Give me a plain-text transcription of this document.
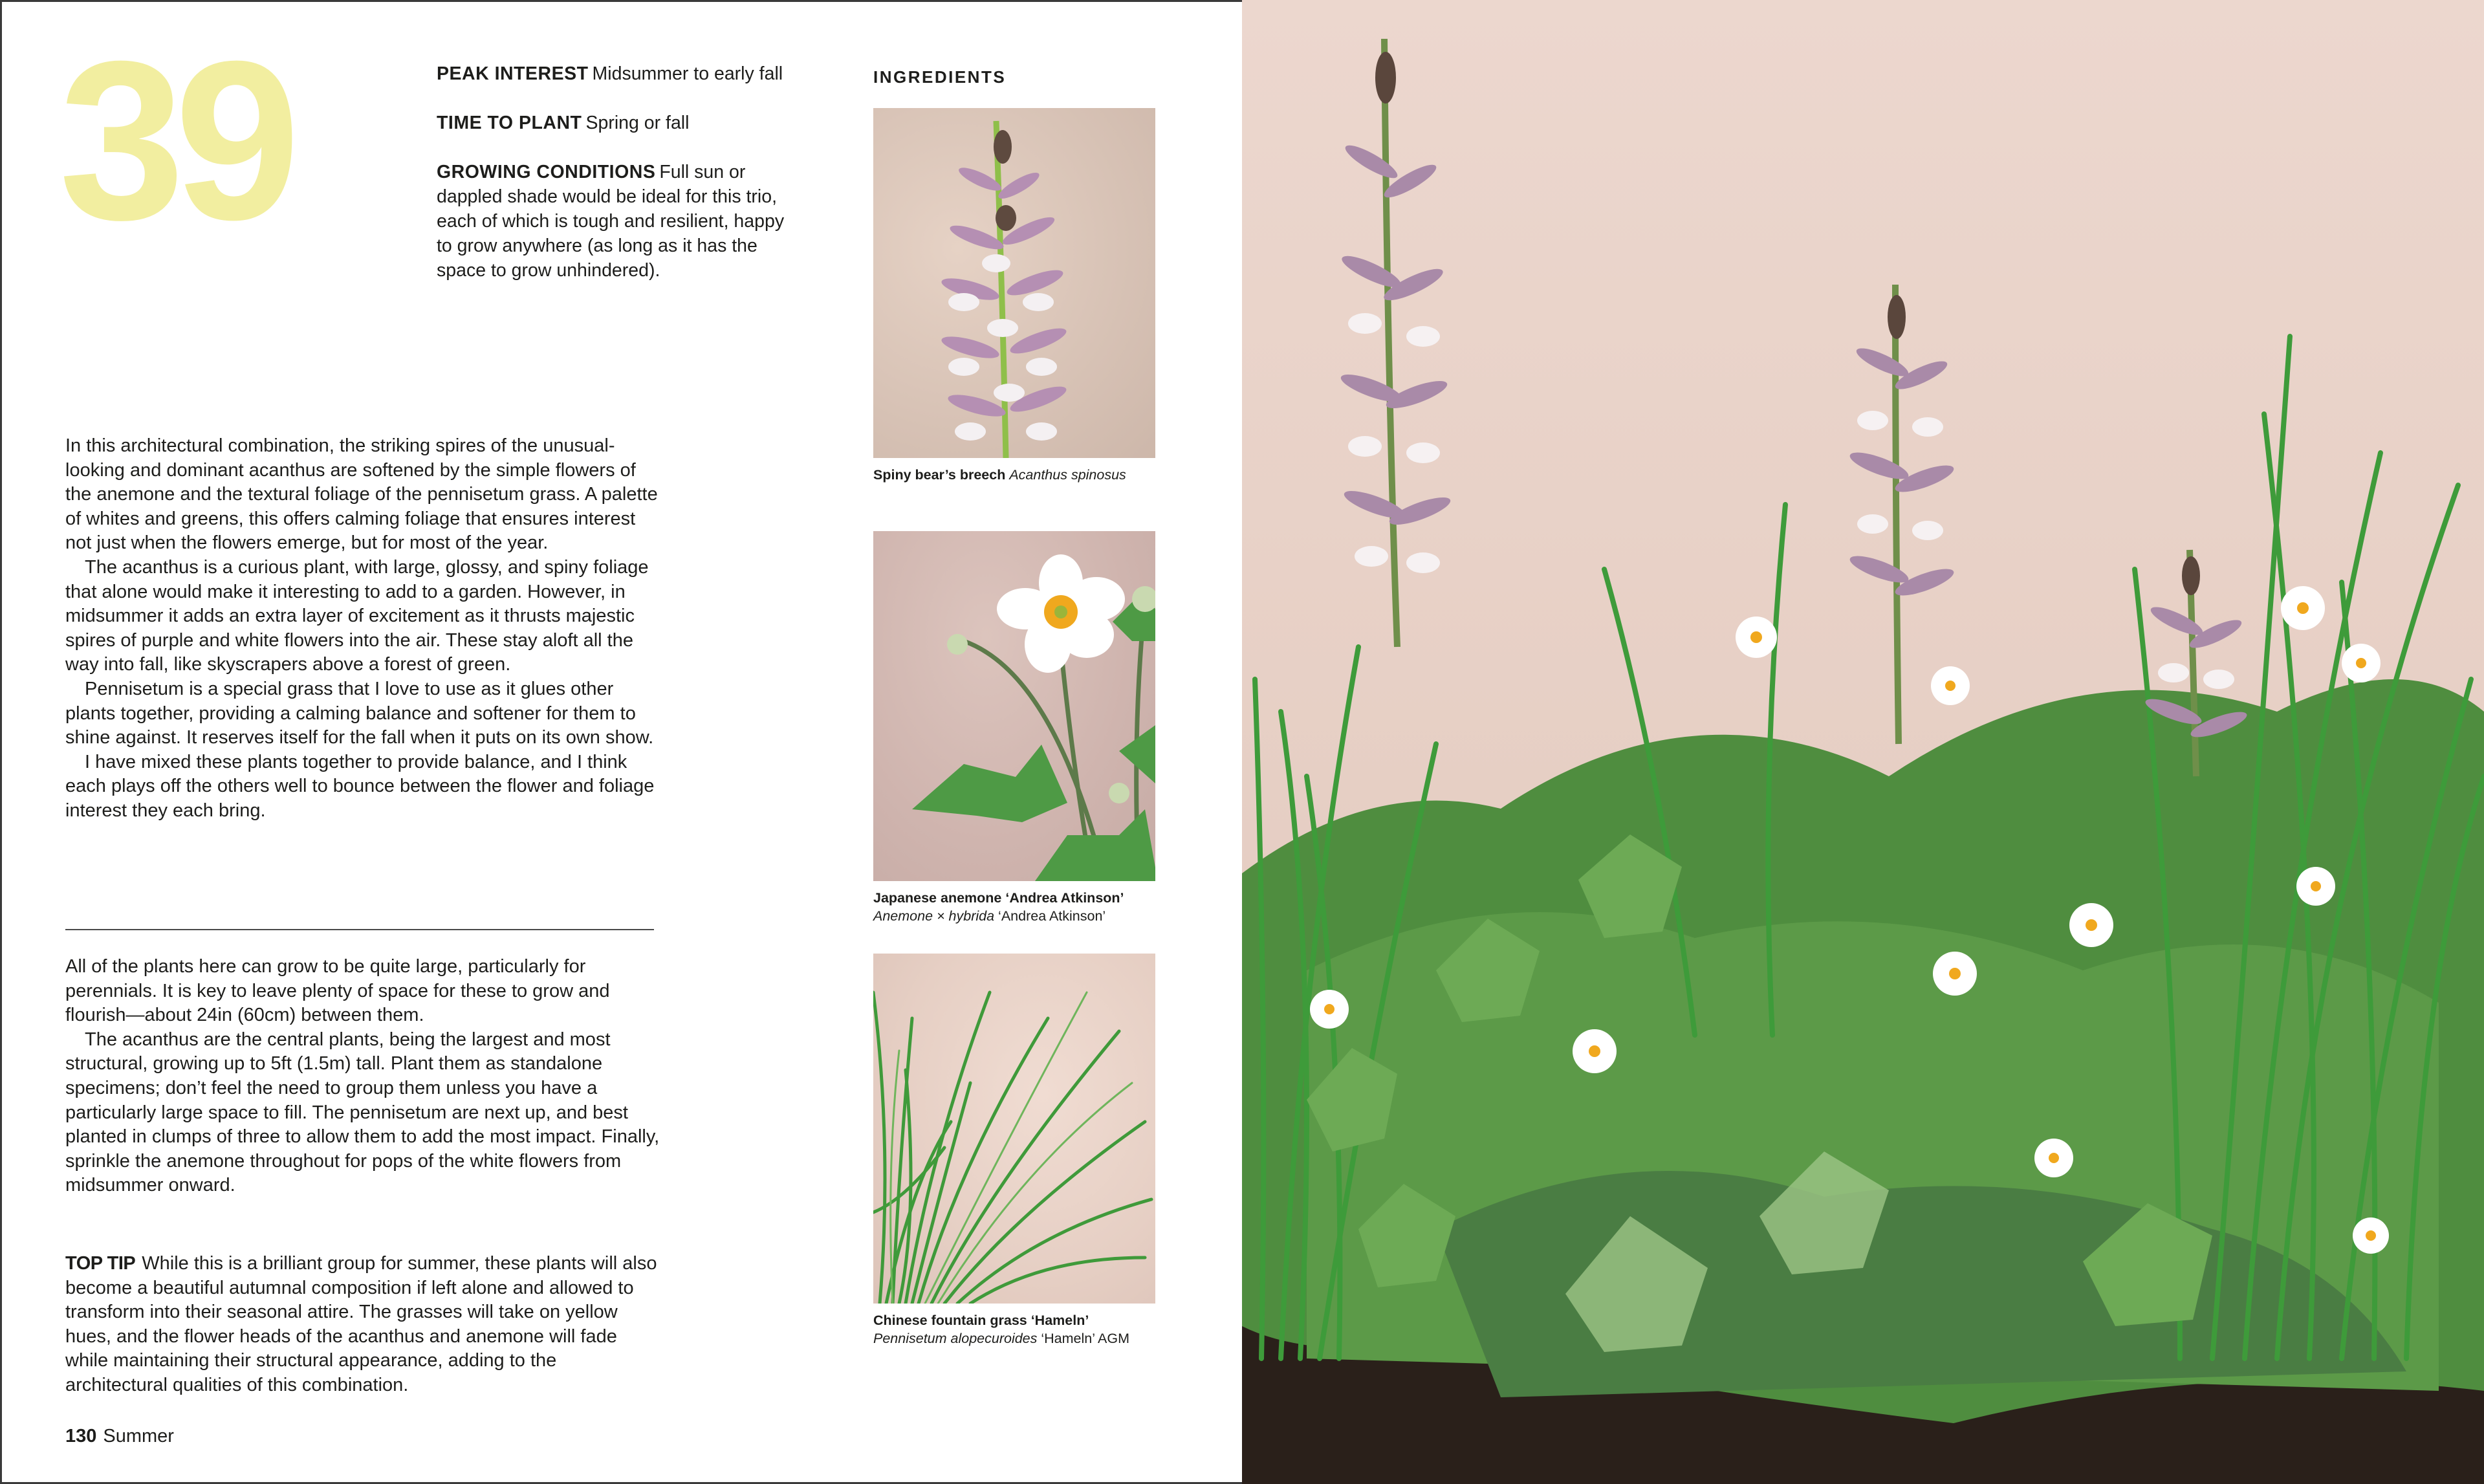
39	PEAK INTEREST Midsummer to early fall
TIME TO PLANT Spring or fall
GROWING CONDITIONS Full sun or dappled shade would be ideal for this trio, each of which is tough and resilient, happy to grow anywhere (as long as it has the space to grow unhindered).

In this architectural combination, the striking spires of the unusual-looking and dominant acanthus are softened by the simple flowers of the anemone and the textural foliage of the pennisetum grass. A palette of whites and greens, this offers calming foliage that ensures interest not just when the flowers emerge, but for most of the year.

The acanthus is a curious plant, with large, glossy, and spiny foliage that alone would make it interesting to add to a garden. However, in midsummer it adds an extra layer of excitement as it thrusts majestic spires of purple and white flowers into the air. These stay aloft all the way into fall, like skyscrapers above a forest of green.

Pennisetum is a special grass that I love to use as it glues other plants together, providing a calming balance and softener for them to shine against. It reserves itself for the fall when it puts on its own show.

I have mixed these plants together to provide balance, and I think each plays off the others well to bounce between the flower and foliage interest they each bring.

All of the plants here can grow to be quite large, particularly for perennials. It is key to leave plenty of space for these to grow and flourish—about 24in (60cm) between them.

The acanthus are the central plants, being the largest and most structural, growing up to 5ft (1.5m) tall. Plant them as standalone specimens; don’t feel the need to group them unless you have a particularly large space to fill. The pennisetum are next up, and best planted in clumps of three to allow them to add the most impact. Finally, sprinkle the anemone throughout for pops of the white flowers from midsummer onward.

TOP TIP While this is a brilliant group for summer, these plants will also become a beautiful autumnal composition if left alone and allowed to transform into their seasonal attire. The grasses will take on yellow hues, and the flower heads of the acanthus and anemone will fade while maintaining their structural appearance, adding to the architectural qualities of this combination.
130 Summer
INGREDIENTS
Spiny bear’s breech Acanthus spinosus
Japanese anemone ‘Andrea Atkinson’
Anemone × hybrida ‘Andrea Atkinson’
Chinese fountain grass ‘Hameln’
Pennisetum alopecuroides ‘Hameln’ AGM
